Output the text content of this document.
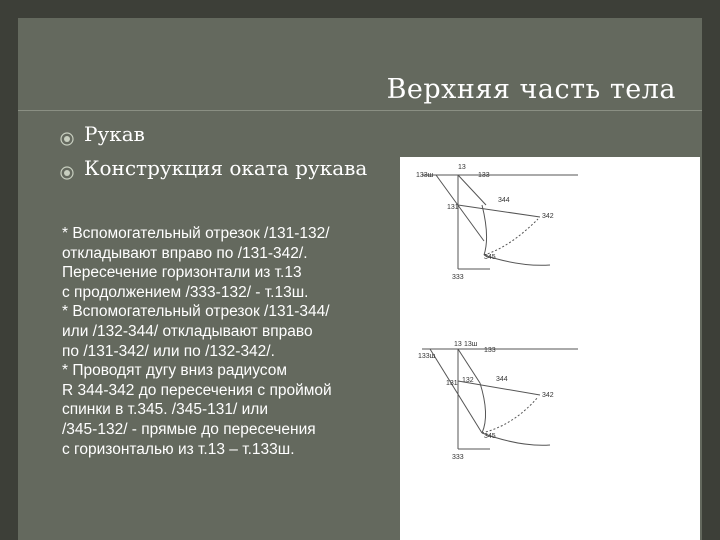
Верхняя часть тела
Рукав
Конструкция оката рукава
* Вспомогательный отрезок /131-132/
откладывают вправо по /131-342/.
Пересечение горизонтали из т.13
с продолжением /333-132/ - т.13ш.
* Вспомогательный отрезок /131-344/
или /132-344/ откладывают вправо
по /131-342/ или по /132-342/.
* Проводят дугу вниз радиусом
R 344-342 до пересечения с проймой
спинки в т.345. /345-131/ или
/345-132/ - прямые до пересечения
с горизонталью из т.13 – т.133ш.
13
133ш	133
131
344
342
345
333
13 13ш
133ш
133
131 132	344
342
345
333
